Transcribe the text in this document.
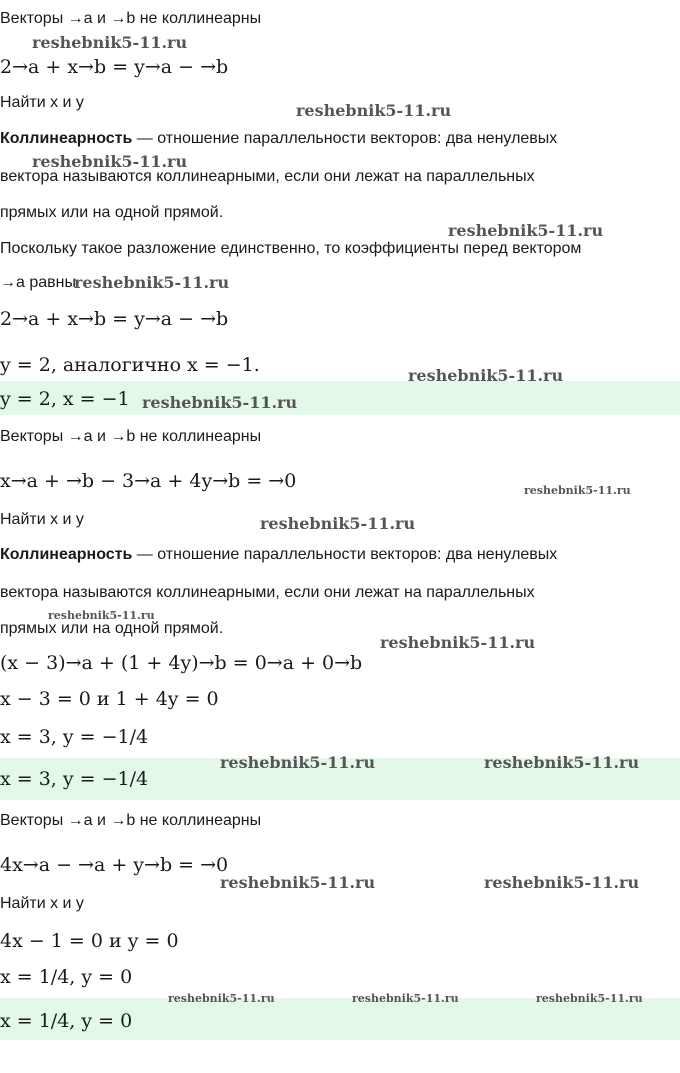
Векторы →a и →b не коллинеарны
2→a + x→b = y→a − →b
Найти x и y
Коллинеарность — отношение параллельности векторов: два ненулевых
вектора называются коллинеарными, если они лежат на параллельных
прямых или на одной прямой.
Поскольку такое разложение единственно, то коэффициенты перед вектором
→a равны
2→a + x→b = y→a − →b
y = 2, аналогично x = −1.
y = 2, x = −1
Векторы →a и →b не коллинеарны
x→a + →b − 3→a + 4y→b = →0
Найти x и y
Коллинеарность — отношение параллельности векторов: два ненулевых
вектора называются коллинеарными, если они лежат на параллельных
прямых или на одной прямой.
(x − 3)→a + (1 + 4y)→b = 0→a + 0→b
x − 3 = 0 и 1 + 4y = 0
x = 3, y = −1/4
x = 3, y = −1/4
Векторы →a и →b не коллинеарны
4x→a − →a + y→b = →0
Найти x и y
4x − 1 = 0 и y = 0
x = 1/4, y = 0
x = 1/4, y = 0
reshebnik5-11.ru
reshebnik5-11.ru
reshebnik5-11.ru
reshebnik5-11.ru
reshebnik5-11.ru
reshebnik5-11.ru
reshebnik5-11.ru
reshebnik5-11.ru
reshebnik5-11.ru
reshebnik5-11.ru
reshebnik5-11.ru
reshebnik5-11.ru	reshebnik5-11.ru
reshebnik5-11.ru	reshebnik5-11.ru
reshebnik5-11.ru	reshebnik5-11.ru	reshebnik5-11.ru
